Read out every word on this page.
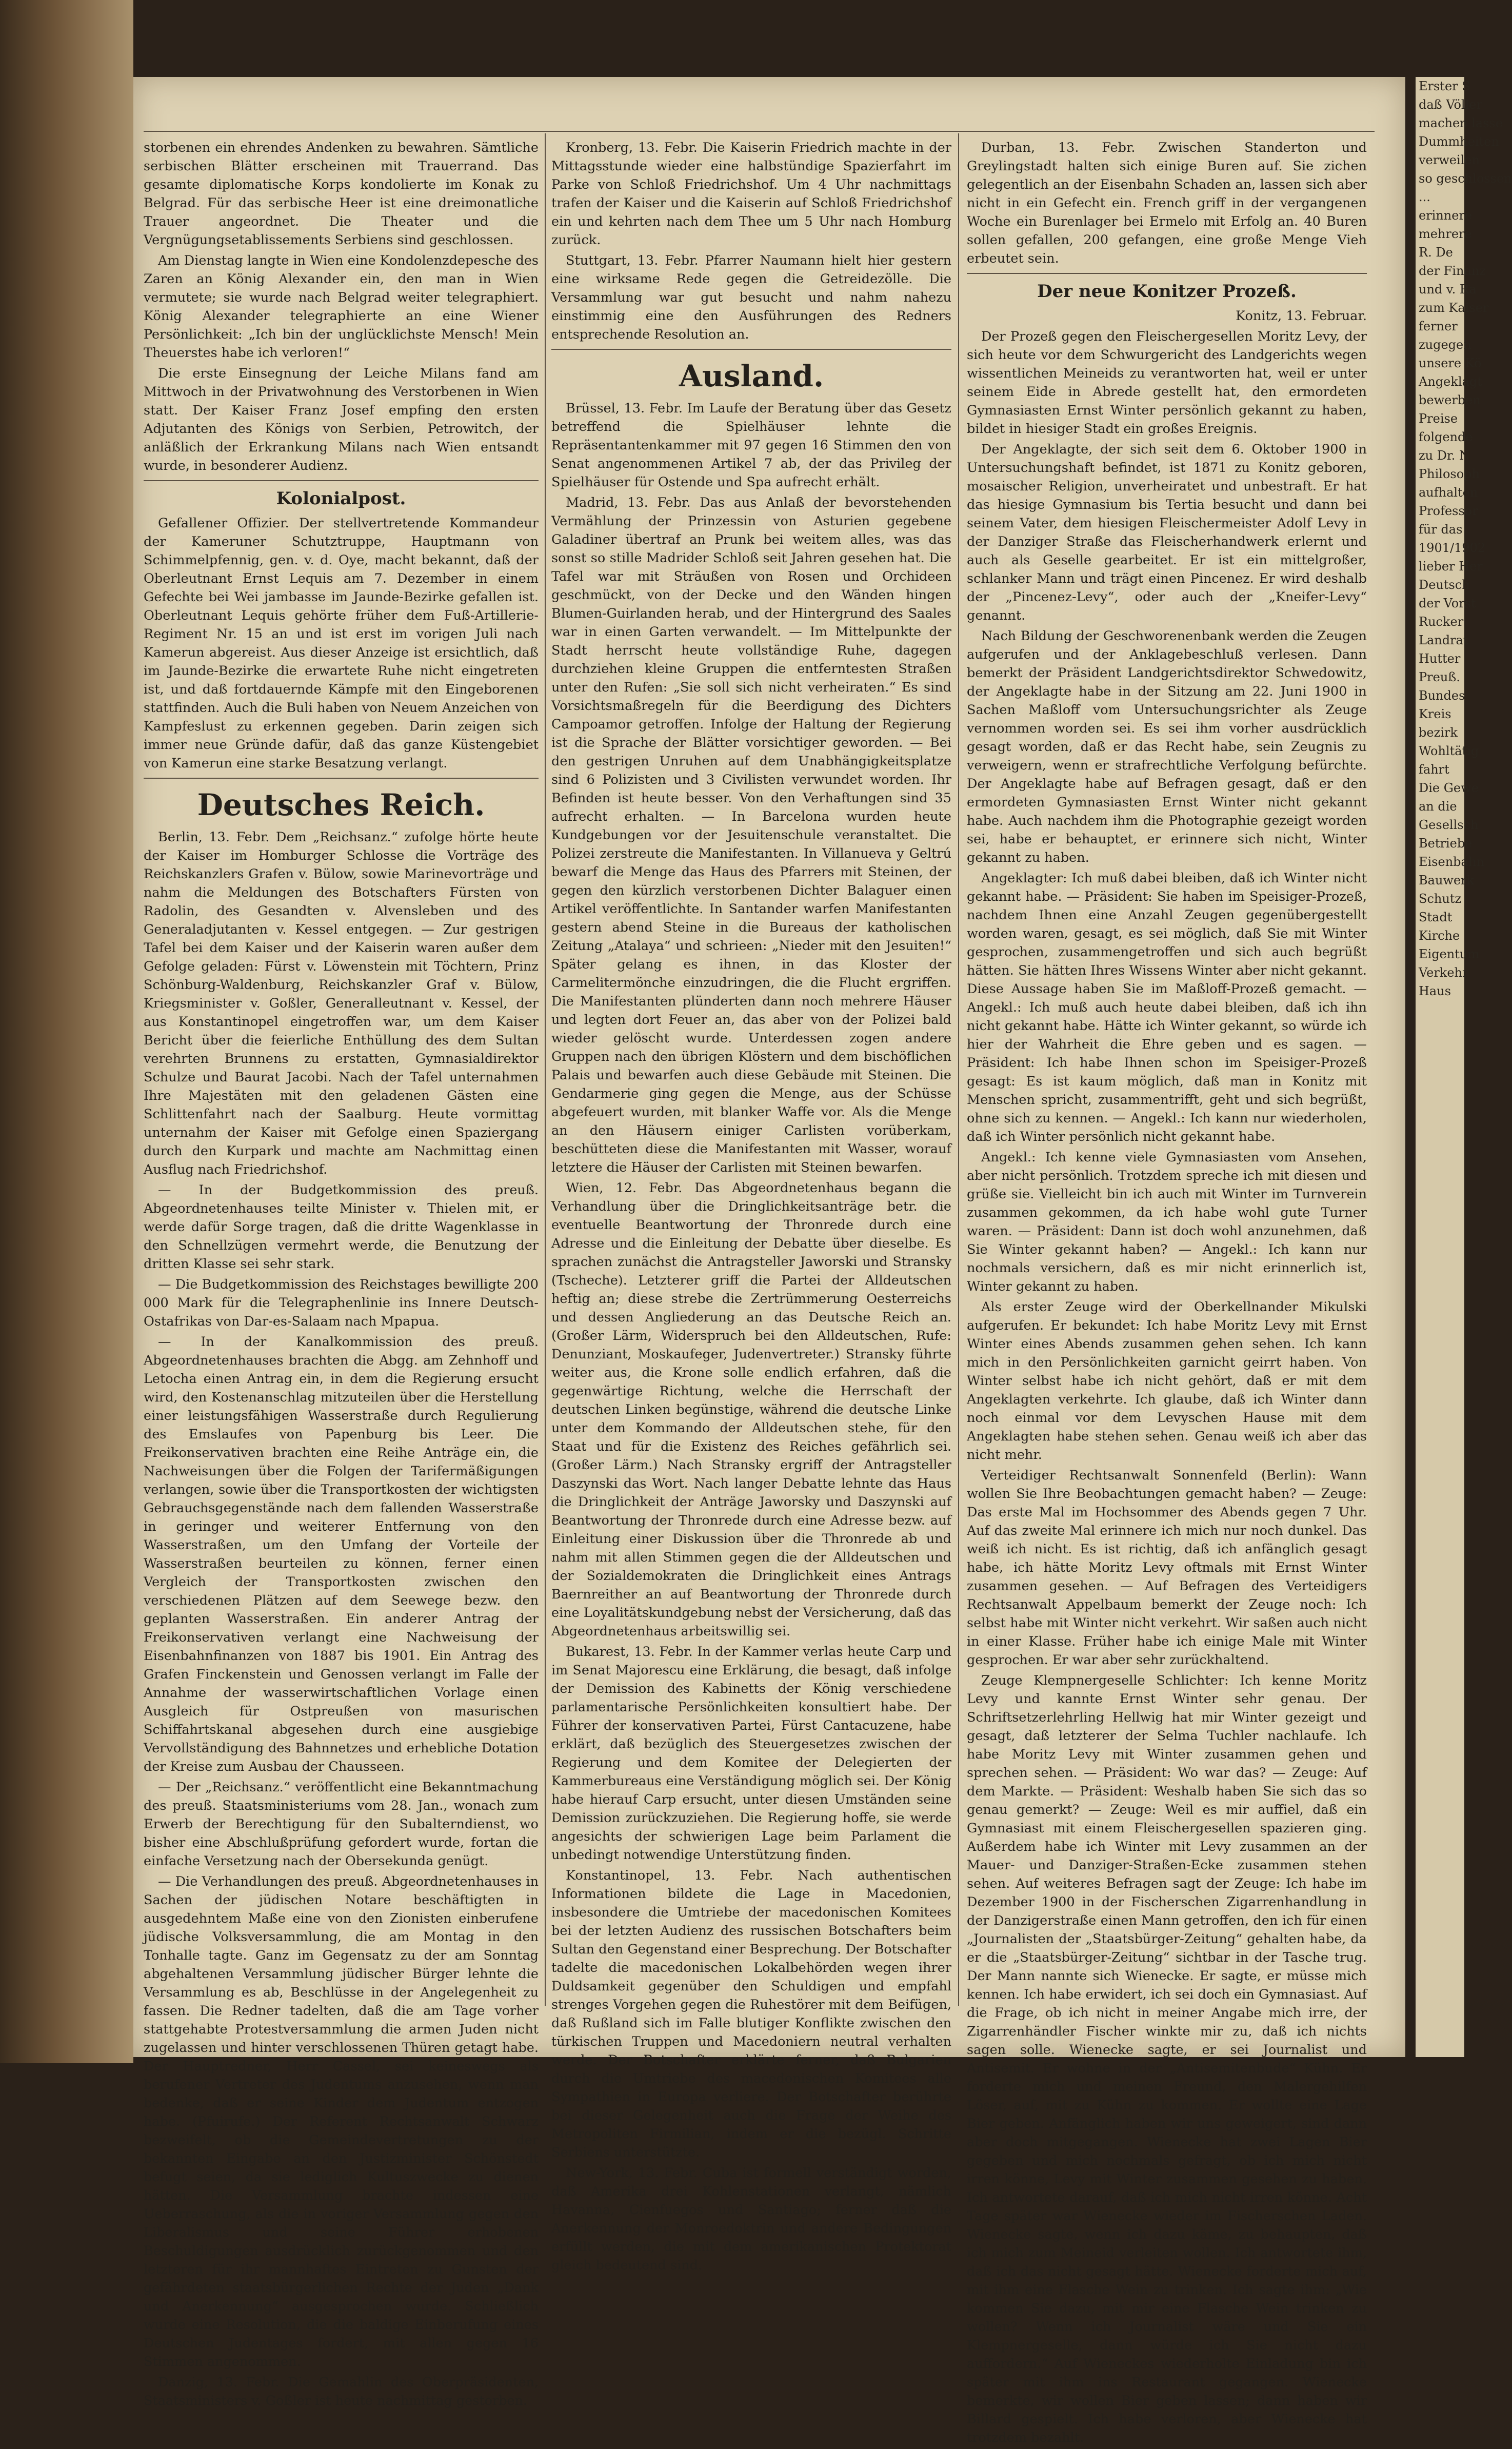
storbenen ein ehrendes Andenken zu bewahren. Sämtliche serbischen Blätter erscheinen mit Trauerrand. Das gesamte diplomatische Korps kondolierte im Konak zu Belgrad. Für das serbische Heer ist eine dreimonatliche Trauer angeordnet. Die Theater und die Vergnügungsetablissements Serbiens sind geschlossen.

Am Dienstag langte in Wien eine Kondolenzdepesche des Zaren an König Alexander ein, den man in Wien vermutete; sie wurde nach Belgrad weiter telegraphiert. König Alexander telegraphierte an eine Wiener Persönlichkeit: „Ich bin der unglücklichste Mensch! Mein Theuerstes habe ich verloren!“

Die erste Einsegnung der Leiche Milans fand am Mittwoch in der Privatwohnung des Verstorbenen in Wien statt. Der Kaiser Franz Josef empfing den ersten Adjutanten des Königs von Serbien, Petrowitch, der anläßlich der Erkrankung Milans nach Wien entsandt wurde, in besonderer Audienz.

Kolonialpost.

Gefallener Offizier. Der stellvertretende Kommandeur der Kameruner Schutztruppe, Hauptmann von Schimmelpfennig, gen. v. d. Oye, macht bekannt, daß der Oberleutnant Ernst Lequis am 7. Dezember in einem Gefechte bei Wei jambasse im Jaunde-Bezirke gefallen ist. Oberleutnant Lequis gehörte früher dem Fuß-Artillerie-Regiment Nr. 15 an und ist erst im vorigen Juli nach Kamerun abgereist. Aus dieser Anzeige ist ersichtlich, daß im Jaunde-Bezirke die erwartete Ruhe nicht eingetreten ist, und daß fortdauernde Kämpfe mit den Eingeborenen stattfinden. Auch die Buli haben von Neuem Anzeichen von Kampfeslust zu erkennen gegeben. Darin zeigen sich immer neue Gründe dafür, daß das ganze Küstengebiet von Kamerun eine starke Besatzung verlangt.

Deutsches Reich.

Berlin, 13. Febr. Dem „Reichsanz.“ zufolge hörte heute der Kaiser im Homburger Schlosse die Vorträge des Reichskanzlers Grafen v. Bülow, sowie Marinevorträge und nahm die Meldungen des Botschafters Fürsten von Radolin, des Gesandten v. Alvensleben und des Generaladjutanten v. Kessel entgegen. — Zur gestrigen Tafel bei dem Kaiser und der Kaiserin waren außer dem Gefolge geladen: Fürst v. Löwenstein mit Töchtern, Prinz Schönburg-Waldenburg, Reichskanzler Graf v. Bülow, Kriegsminister v. Goßler, Generalleutnant v. Kessel, der aus Konstantinopel eingetroffen war, um dem Kaiser Bericht über die feierliche Enthüllung des dem Sultan verehrten Brunnens zu erstatten, Gymnasialdirektor Schulze und Baurat Jacobi. Nach der Tafel unternahmen Ihre Majestäten mit den geladenen Gästen eine Schlittenfahrt nach der Saalburg. Heute vormittag unternahm der Kaiser mit Gefolge einen Spaziergang durch den Kurpark und machte am Nachmittag einen Ausflug nach Friedrichshof.

— In der Budgetkommission des preuß. Abgeordnetenhauses teilte Minister v. Thielen mit, er werde dafür Sorge tragen, daß die dritte Wagenklasse in den Schnellzügen vermehrt werde, die Benutzung der dritten Klasse sei sehr stark.

— Die Budgetkommission des Reichstages bewilligte 200 000 Mark für die Telegraphenlinie ins Innere Deutsch-Ostafrikas von Dar-es-Salaam nach Mpapua.

— In der Kanalkommission des preuß. Abgeordnetenhauses brachten die Abgg. am Zehnhoff und Letocha einen Antrag ein, in dem die Regierung ersucht wird, den Kostenanschlag mitzuteilen über die Herstellung einer leistungsfähigen Wasserstraße durch Regulierung des Emslaufes von Papenburg bis Leer. Die Freikonservativen brachten eine Reihe Anträge ein, die Nachweisungen über die Folgen der Tarifermäßigungen verlangen, sowie über die Transportkosten der wichtigsten Gebrauchsgegenstände nach dem fallenden Wasserstraße in geringer und weiterer Entfernung von den Wasserstraßen, um den Umfang der Vorteile der Wasserstraßen beurteilen zu können, ferner einen Vergleich der Transportkosten zwischen den verschiedenen Plätzen auf dem Seewege bezw. den geplanten Wasserstraßen. Ein anderer Antrag der Freikonservativen verlangt eine Nachweisung der Eisenbahnfinanzen von 1887 bis 1901. Ein Antrag des Grafen Finckenstein und Genossen verlangt im Falle der Annahme der wasserwirtschaftlichen Vorlage einen Ausgleich für Ostpreußen von masurischen Schiffahrtskanal abgesehen durch eine ausgiebige Vervollständigung des Bahnnetzes und erhebliche Dotation der Kreise zum Ausbau der Chausseen.

— Der „Reichsanz.“ veröffentlicht eine Bekanntmachung des preuß. Staatsministeriums vom 28. Jan., wonach zum Erwerb der Berechtigung für den Subalterndienst, wo bisher eine Abschlußprüfung gefordert wurde, fortan die einfache Versetzung nach der Obersekunda genügt.

— Die Verhandlungen des preuß. Abgeordnetenhauses in Sachen der jüdischen Notare beschäftigten in ausgedehntem Maße eine von den Zionisten einberufene jüdische Volksversammlung, die am Montag in den Tonhalle tagte. Ganz im Gegensatz zu der am Sonntag abgehaltenen Versammlung jüdischer Bürger lehnte die Versammlung es ab, Beschlüsse in der Angelegenheit zu fassen. Die Redner tadelten, daß die am Tage vorher stattgehabte Protestversammlung die armen Juden nicht zugelassen und hinter verschlossenen Thüren getagt habe. Der Hauptredner, Herr Cassel, sei keineswegs als berufener Vertreter des Judentums anzusehen, wenn man bedenke, daß er seine Kinder dem Judentum entzogen habe. (Pfuirufe.) Der Referent Rechtsanwalt Schwarz bezweifelt, ob die Gemeindevertretungen zu der bekannten Eingabe an den Justizminister Schönstedt befugt seien, da sie lediglich Kultuszwecke zu dienen hätten. Die Versammlung brachte indessen eine Ueberraschung, als die in voriger Versammlung gegen den Liberalismus und seine Führer erhobenen Beschuldigungen ausdrücklich zurückgenommen und den letzteren für ihr mannhaftes Eintreten zu Gunsten der gefährdeten staatsbürgerlichen Rechte der Juden „Dank und Anerkennung“ ausgesprochen wurde. Schließlich wurde eine Resolution, die die baldige Einberufung eines Deutschen Judentages fordert, mit allen gegen 16 Stimmen angenommen.

Danzig, 13. Febr. Die Gemahlin des Oberpräsidenten, Staatsministers v. Goßler ist heute nachmittag gestorben.

Kronberg, 13. Febr. Die Kaiserin Friedrich machte in der Mittagsstunde wieder eine halbstündige Spazierfahrt im Parke von Schloß Friedrichshof. Um 4 Uhr nachmittags trafen der Kaiser und die Kaiserin auf Schloß Friedrichshof ein und kehrten nach dem Thee um 5 Uhr nach Homburg zurück.

Stuttgart, 13. Febr. Pfarrer Naumann hielt hier gestern eine wirksame Rede gegen die Getreidezölle. Die Versammlung war gut besucht und nahm nahezu einstimmig eine den Ausführungen des Redners entsprechende Resolution an.

Ausland.

Brüssel, 13. Febr. Im Laufe der Beratung über das Gesetz betreffend die Spielhäuser lehnte die Repräsentantenkammer mit 97 gegen 16 Stimmen den von Senat angenommenen Artikel 7 ab, der das Privileg der Spielhäuser für Ostende und Spa aufrecht erhält.

Madrid, 13. Febr. Das aus Anlaß der bevorstehenden Vermählung der Prinzessin von Asturien gegebene Galadiner übertraf an Prunk bei weitem alles, was das sonst so stille Madrider Schloß seit Jahren gesehen hat. Die Tafel war mit Sträußen von Rosen und Orchideen geschmückt, von der Decke und den Wänden hingen Blumen-Guirlanden herab, und der Hintergrund des Saales war in einen Garten verwandelt. — Im Mittelpunkte der Stadt herrscht heute vollständige Ruhe, dagegen durchziehen kleine Gruppen die entferntesten Straßen unter den Rufen: „Sie soll sich nicht verheiraten.“ Es sind Vorsichtsmaßregeln für die Beerdigung des Dichters Campoamor getroffen. Infolge der Haltung der Regierung ist die Sprache der Blätter vorsichtiger geworden. — Bei den gestrigen Unruhen auf dem Unabhängigkeitsplatze sind 6 Polizisten und 3 Civilisten verwundet worden. Ihr Befinden ist heute besser. Von den Verhaftungen sind 35 aufrecht erhalten. — In Barcelona wurden heute Kundgebungen vor der Jesuitenschule veranstaltet. Die Polizei zerstreute die Manifestanten. In Villanueva y Geltrú bewarf die Menge das Haus des Pfarrers mit Steinen, der gegen den kürzlich verstorbenen Dichter Balaguer einen Artikel veröffentlichte. In Santander warfen Manifestanten gestern abend Steine in die Bureaus der katholischen Zeitung „Atalaya“ und schrieen: „Nieder mit den Jesuiten!“ Später gelang es ihnen, in das Kloster der Carmelitermönche einzudringen, die die Flucht ergriffen. Die Manifestanten plünderten dann noch mehrere Häuser und legten dort Feuer an, das aber von der Polizei bald wieder gelöscht wurde. Unterdessen zogen andere Gruppen nach den übrigen Klöstern und dem bischöflichen Palais und bewarfen auch diese Gebäude mit Steinen. Die Gendarmerie ging gegen die Menge, aus der Schüsse abgefeuert wurden, mit blanker Waffe vor. Als die Menge an den Häusern einiger Carlisten vorüberkam, beschütteten diese die Manifestanten mit Wasser, worauf letztere die Häuser der Carlisten mit Steinen bewarfen.

Wien, 12. Febr. Das Abgeordnetenhaus begann die Verhandlung über die Dringlichkeitsanträge betr. die eventuelle Beantwortung der Thronrede durch eine Adresse und die Einleitung der Debatte über dieselbe. Es sprachen zunächst die Antragsteller Jaworski und Stransky (Tscheche). Letzterer griff die Partei der Alldeutschen heftig an; diese strebe die Zertrümmerung Oesterreichs und dessen Angliederung an das Deutsche Reich an. (Großer Lärm, Widerspruch bei den Alldeutschen, Rufe: Denunziant, Moskaufeger, Judenvertreter.) Stransky führte weiter aus, die Krone solle endlich erfahren, daß die gegenwärtige Richtung, welche die Herrschaft der deutschen Linken begünstige, während die deutsche Linke unter dem Kommando der Alldeutschen stehe, für den Staat und für die Existenz des Reiches gefährlich sei. (Großer Lärm.) Nach Stransky ergriff der Antragsteller Daszynski das Wort. Nach langer Debatte lehnte das Haus die Dringlichkeit der Anträge Jaworsky und Daszynski auf Beantwortung der Thronrede durch eine Adresse bezw. auf Einleitung einer Diskussion über die Thronrede ab und nahm mit allen Stimmen gegen die der Alldeutschen und der Sozialdemokraten die Dringlichkeit eines Antrags Baernreither an auf Beantwortung der Thronrede durch eine Loyalitätskundgebung nebst der Versicherung, daß das Abgeordnetenhaus arbeitswillig sei.

Bukarest, 13. Febr. In der Kammer verlas heute Carp und im Senat Majorescu eine Erklärung, die besagt, daß infolge der Demission des Kabinetts der König verschiedene parlamentarische Persönlichkeiten konsultiert habe. Der Führer der konservativen Partei, Fürst Cantacuzene, habe erklärt, daß bezüglich des Steuergesetzes zwischen der Regierung und dem Komitee der Delegierten der Kammerbureaus eine Verständigung möglich sei. Der König habe hierauf Carp ersucht, unter diesen Umständen seine Demission zurückzuziehen. Die Regierung hoffe, sie werde angesichts der schwierigen Lage beim Parlament die unbedingt notwendige Unterstützung finden.

Konstantinopel, 13. Febr. Nach authentischen Informationen bildete die Lage in Macedonien, insbesondere die Umtriebe der macedonischen Komitees bei der letzten Audienz des russischen Botschafters beim Sultan den Gegenstand einer Besprechung. Der Botschafter tadelte die macedonischen Lokalbehörden wegen ihrer Duldsamkeit gegenüber den Schuldigen und empfahl strenges Vorgehen gegen die Ruhestörer mit dem Beifügen, daß Rußland sich im Falle blutiger Konflikte zwischen den türkischen Truppen und Macedoniern neutral verhalten werde. Der Botschafter erklärte ferner, daß Bulgarien durch die Umtriebe des macedonischen Komitees alle Sympathien in Europa verliere. Der Botschafter berührte bei dieser Gelegenheit auch die Frage der Weihe des Metropoliten Firmilian, indem er die bezügl. Schritte Serbiens unterstützte.

New-York, 13. Febr. Cuba ist formell verständigt worden, daß Amerika drei Kohlenstationen verlangt, nämlich Havanna, Cienfuegos und Santiago; ferner daß die Anerkennung der Monroedoktrin und andere Bedingungen erfüllt werden, die mit dem amerikanischen Protektorat gleich bedeutend sind.

Durban, 13. Febr. Zwischen Standerton und Greylingstadt halten sich einige Buren auf. Sie zichen gelegentlich an der Eisenbahn Schaden an, lassen sich aber nicht in ein Gefecht ein. French griff in der vergangenen Woche ein Burenlager bei Ermelo mit Erfolg an. 40 Buren sollen gefallen, 200 gefangen, eine große Menge Vieh erbeutet sein.

Der neue Konitzer Prozeß.
Konitz, 13. Februar.

Der Prozeß gegen den Fleischergesellen Moritz Levy, der sich heute vor dem Schwurgericht des Landgerichts wegen wissentlichen Meineids zu verantworten hat, weil er unter seinem Eide in Abrede gestellt hat, den ermordeten Gymnasiasten Ernst Winter persönlich gekannt zu haben, bildet in hiesiger Stadt ein großes Ereignis.

Der Angeklagte, der sich seit dem 6. Oktober 1900 in Untersuchungshaft befindet, ist 1871 zu Konitz geboren, mosaischer Religion, unverheiratet und unbestraft. Er hat das hiesige Gymnasium bis Tertia besucht und dann bei seinem Vater, dem hiesigen Fleischermeister Adolf Levy in der Danziger Straße das Fleischerhandwerk erlernt und auch als Geselle gearbeitet. Er ist ein mittelgroßer, schlanker Mann und trägt einen Pincenez. Er wird deshalb der „Pincenez-Levy“, oder auch der „Kneifer-Levy“ genannt.

Nach Bildung der Geschworenenbank werden die Zeugen aufgerufen und der Anklagebeschluß verlesen. Dann bemerkt der Präsident Landgerichtsdirektor Schwedowitz, der Angeklagte habe in der Sitzung am 22. Juni 1900 in Sachen Maßloff vom Untersuchungsrichter als Zeuge vernommen worden sei. Es sei ihm vorher ausdrücklich gesagt worden, daß er das Recht habe, sein Zeugnis zu verweigern, wenn er strafrechtliche Verfolgung befürchte. Der Angeklagte habe auf Befragen gesagt, daß er den ermordeten Gymnasiasten Ernst Winter nicht gekannt habe. Auch nachdem ihm die Photographie gezeigt worden sei, habe er behauptet, er erinnere sich nicht, Winter gekannt zu haben.

Angeklagter: Ich muß dabei bleiben, daß ich Winter nicht gekannt habe. — Präsident: Sie haben im Speisiger-Prozeß, nachdem Ihnen eine Anzahl Zeugen gegenübergestellt worden waren, gesagt, es sei möglich, daß Sie mit Winter gesprochen, zusammengetroffen und sich auch begrüßt hätten. Sie hätten Ihres Wissens Winter aber nicht gekannt. Diese Aussage haben Sie im Maßloff-Prozeß gemacht. — Angekl.: Ich muß auch heute dabei bleiben, daß ich ihn nicht gekannt habe. Hätte ich Winter gekannt, so würde ich hier der Wahrheit die Ehre geben und es sagen. — Präsident: Ich habe Ihnen schon im Speisiger-Prozeß gesagt: Es ist kaum möglich, daß man in Konitz mit Menschen spricht, zusammentrifft, geht und sich begrüßt, ohne sich zu kennen. — Angekl.: Ich kann nur wiederholen, daß ich Winter persönlich nicht gekannt habe.

Angekl.: Ich kenne viele Gymnasiasten vom Ansehen, aber nicht persönlich. Trotzdem spreche ich mit diesen und grüße sie. Vielleicht bin ich auch mit Winter im Turnverein zusammen gekommen, da ich habe wohl gute Turner waren. — Präsident: Dann ist doch wohl anzunehmen, daß Sie Winter gekannt haben? — Angekl.: Ich kann nur nochmals versichern, daß es mir nicht erinnerlich ist, Winter gekannt zu haben.

Als erster Zeuge wird der Oberkellnander Mikulski aufgerufen. Er bekundet: Ich habe Moritz Levy mit Ernst Winter eines Abends zusammen gehen sehen. Ich kann mich in den Persönlichkeiten garnicht geirrt haben. Von Winter selbst habe ich nicht gehört, daß er mit dem Angeklagten verkehrte. Ich glaube, daß ich Winter dann noch einmal vor dem Levyschen Hause mit dem Angeklagten habe stehen sehen. Genau weiß ich aber das nicht mehr.

Verteidiger Rechtsanwalt Sonnenfeld (Berlin): Wann wollen Sie Ihre Beobachtungen gemacht haben? — Zeuge: Das erste Mal im Hochsommer des Abends gegen 7 Uhr. Auf das zweite Mal erinnere ich mich nur noch dunkel. Das weiß ich nicht. Es ist richtig, daß ich anfänglich gesagt habe, ich hätte Moritz Levy oftmals mit Ernst Winter zusammen gesehen. — Auf Befragen des Verteidigers Rechtsanwalt Appelbaum bemerkt der Zeuge noch: Ich selbst habe mit Winter nicht verkehrt. Wir saßen auch nicht in einer Klasse. Früher habe ich einige Male mit Winter gesprochen. Er war aber sehr zurückhaltend.

Zeuge Klempnergeselle Schlichter: Ich kenne Moritz Levy und kannte Ernst Winter sehr genau. Der Schriftsetzerlehrling Hellwig hat mir Winter gezeigt und gesagt, daß letzterer der Selma Tuchler nachlaufe. Ich habe Moritz Levy mit Winter zusammen gehen und sprechen sehen. — Präsident: Wo war das? — Zeuge: Auf dem Markte. — Präsident: Weshalb haben Sie sich das so genau gemerkt? — Zeuge: Weil es mir auffiel, daß ein Gymnasiast mit einem Fleischergesellen spazieren ging. Außerdem habe ich Winter mit Levy zusammen an der Mauer- und Danziger-Straßen-Ecke zusammen stehen sehen. Auf weiteres Befragen sagt der Zeuge: Ich habe im Dezember 1900 in der Fischerschen Zigarrenhandlung in der Danzigerstraße einen Mann getroffen, den ich für einen „Journalisten der „Staatsbürger-Zeitung“ gehalten habe, da er die „Staatsbürger-Zeitung“ sichtbar in der Tasche trug. Der Mann nannte sich Wienecke. Er sagte, er müsse mich kennen. Ich habe erwidert, ich sei doch ein Gymnasiast. Auf die Frage, ob ich nicht in meiner Angabe mich irre, der Zigarrenhändler Fischer winkte mir zu, daß ich nichts sagen solle. Wienecke sagte, er sei Journalist und Antisemit. Er wohne in der „Antisemitenbude“ Kühn. Er forderte mich und meinen Freund, den Malergehilfen Löser, auf, mit zu Kühn zu kommen. Er wollte eine Lage Bier geben. Anfänglich haben wir uns geweigert, sind dann aber doch mitgegangen. Wienecke hat zwei Lagen Bier gegeben und mich nochmals gefragt, ob ich mich nicht irren könne, Levy mit Winter zusammen gesehen zu haben. Ich antwortete darauf, daß ich mich nicht irren könne. Acht Tage später war Wienecke wieder im Fischerschen Laden. Wienecke sagte, wenn ich dazu käme, zu behaupten, daß ich mich zum Meineid verleiten wollen. Ich antwortete ihm, daß ich das nicht gesagt hätte. Wienecke forderte mich auf, mit ihm eine Flasche Wein zu trinken. Ich sagte ihm: „Wie kommen Sie dazu, mit mir eine Flasche Wein trinken zu wollen? Wenn ich Journalist wäre und Sie ein Klempnergeselle, dann würde ich Sie nicht dazu auffordern.“ Auf Wieneckes wiederholte Einladung bin ich später mit ihm ins Restaurant gegangen. Wienecke bemerkte, wir wollen Bier geben lassen; dann haben wir Billard gespielt. Ich habe verloren, aber Wienecke hat trotzdem bezahlt.

Erster S
daß Völler
machen lasse
Dummheiten
verweilen
so geschlossen
...
erinnere
mehrere
R. De
der Finanz
und v. Ra
zum Kaiser
ferner
zugegen
unsere Kö
Angeklagt
bewerben
Preise
folgende
zu Dr. N
Philosoph
aufhalten
Professor
für das
1901/1902
lieber Her
Deutsch
der Vorst
Rucker
Landrat
Hutter
Preuß.
Bundes
Kreis
bezirk
Wohltätig
fahrt
Die Gewe
an die
Gesellsch
Betriebe
Eisenbahn
Bauwerk
Schutz
Stadt
Kirche
Eigentum
Verkehr
Haus
